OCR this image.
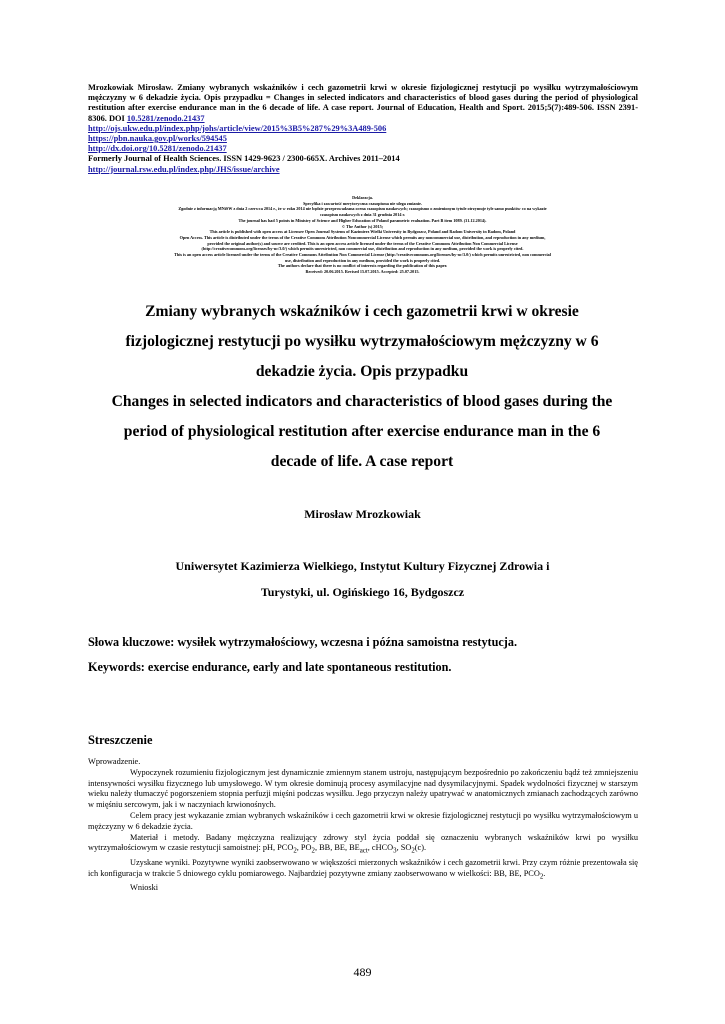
Mrozkowiak Mirosław. Zmiany wybranych wskaźników i cech gazometrii krwi w okresie fizjologicznej restytucji po wysiłku wytrzymałościowym mężczyzny w 6 dekadzie życia. Opis przypadku = Changes in selected indicators and characteristics of blood gases during the period of physiological restitution after exercise endurance man in the 6 decade of life. A case report. Journal of Education, Health and Sport. 2015;5(7):489-506. ISSN 2391-8306. DOI 10.5281/zenodo.21437
http://ojs.ukw.edu.pl/index.php/johs/article/view/2015%3B5%287%29%3A489-506
https://pbn.nauka.gov.pl/works/594545
http://dx.doi.org/10.5281/zenodo.21437
Formerly Journal of Health Sciences. ISSN 1429-9623 / 2300-665X. Archives 2011–2014
http://journal.rsw.edu.pl/index.php/JHS/issue/archive
Deklaracja.
Specyfika i zawartość merytoryczna czasopisma nie ulega zmianie.
Zgodnie z informacją MNiSW z dnia 2 czerwca 2014 r., że w roku 2014 nie będzie przeprowadzana ocena czasopism naukowych; czasopismo o zmienionym tytule otrzymuje tyle samo punktów co na wykazie
czasopism naukowych z dnia 31 grudnia 2014 r.
The journal has had 5 points in Ministry of Science and Higher Education of Poland parametric evaluation. Part B item 1089. (31.12.2014).
© The Author (s) 2015;
This article is published with open access at Licensee Open Journal Systems of Kazimierz Wielki University in Bydgoszcz, Poland and Radom University in Radom, Poland
Open Access. This article is distributed under the terms of the Creative Commons Attribution Noncommercial License which permits any noncommercial use, distribution, and reproduction in any medium,
provided the original author(s) and source are credited. This is an open access article licensed under the terms of the Creative Commons Attribution Non Commercial License
(http://creativecommons.org/licenses/by-nc/3.0/) which permits unrestricted, non commercial use, distribution and reproduction in any medium, provided the work is properly cited.
This is an open access article licensed under the terms of the Creative Commons Attribution Non Commercial License (http://creativecommons.org/licenses/by-nc/3.0/) which permits unrestricted, non commercial
use, distribution and reproduction in any medium, provided the work is properly cited.
The authors declare that there is no conflict of interests regarding the publication of this paper.
Received: 20.06.2015. Revised 15.07.2015. Accepted: 25.07.2015.
Zmiany wybranych wskaźników i cech gazometrii krwi w okresie
fizjologicznej restytucji po wysiłku wytrzymałościowym mężczyzny w 6
dekadzie życia. Opis przypadku
Changes in selected indicators and characteristics of blood gases during the
period of physiological restitution after exercise endurance man in the 6
decade of life. A case report
Mirosław Mrozkowiak
Uniwersytet Kazimierza Wielkiego, Instytut Kultury Fizycznej Zdrowia i
Turystyki, ul. Ogińskiego 16, Bydgoszcz
Słowa kluczowe: wysiłek wytrzymałościowy, wczesna i późna samoistna restytucja.
Keywords: exercise endurance, early and late spontaneous restitution.
Streszczenie

Wprowadzenie.

Wypoczynek rozumieniu fizjologicznym jest dynamicznie zmiennym stanem ustroju, następującym bezpośrednio po zakończeniu bądź też zmniejszeniu intensywności wysiłku fizycznego lub umysłowego. W tym okresie dominują procesy asymilacyjne nad dysymilacyjnymi. Spadek wydolności fizycznej w starszym wieku należy tłumaczyć pogorszeniem stopnia perfuzji mięśni podczas wysiłku. Jego przyczyn należy upatrywać w anatomicznych zmianach zachodzących zarówno w mięśniu sercowym, jak i w naczyniach krwionośnych.

Celem pracy jest wykazanie zmian wybranych wskaźników i cech gazometrii krwi w okresie fizjologicznej restytucji po wysiłku wytrzymałościowym u mężczyzny w 6 dekadzie życia.

Materiał i metody. Badany mężczyzna realizujący zdrowy styl życia poddał się oznaczeniu wybranych wskaźników krwi po wysiłku wytrzymałościowym w czasie restytucji samoistnej: pH, $PCO_2$, $PO_2$, BB, BE, $BE_{act}$, cHCO$_3$, $SO_2(c)$.

Uzyskane wyniki. Pozytywne wyniki zaobserwowano w większości mierzonych wskaźników i cech gazometrii krwi. Przy czym różnie prezentowała się ich konfiguracja w trakcie 5 dniowego cyklu pomiarowego. Najbardziej pozytywne zmiany zaobserwowano w wielkości: BB, BE, $PCO_2$.

Wnioski

489
